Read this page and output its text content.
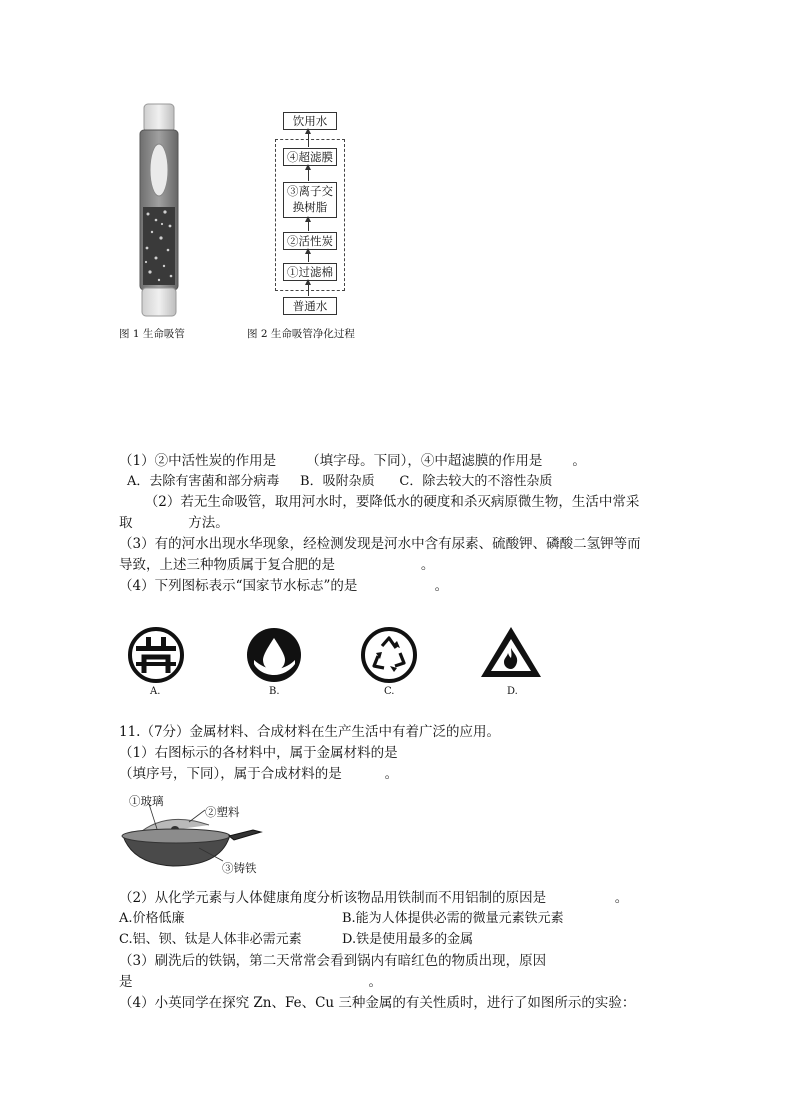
图 1 生命吸管
饮用水
④超滤膜
③离子交
换树脂
②活性炭
①过滤棉
普通水
图 2 生命吸管净化过程
（1）②中活性炭的作用是       （填字母。下同），④中超滤膜的作用是       。
A．去除有害菌和部分病毒     B．吸附杂质      C．除去较大的不溶性杂质
（2）若无生命吸管，取用河水时，要降低水的硬度和杀灭病原微生物，生活中常采
取             方法。
（3）有的河水出现水华现象，经检测发现是河水中含有尿素、硫酸钾、磷酸二氢钾等而
导致，上述三种物质属于复合肥的是                    。
（4）下列图标表示“国家节水标志”的是                  。
A.	B.	C.	D.
11.（7分）金属材料、合成材料在生产生活中有着广泛的应用。
（1）右图标示的各材料中，属于金属材料的是
（填序号，下同），属于合成材料的是          。
①玻璃
②塑料
③铸铁
（2）从化学元素与人体健康角度分析该物品用铁制而不用铝制的原因是                。
A.价格低廉	B.能为人体提供必需的微量元素铁元素
C.铝、钡、钛是人体非必需元素	D.铁是使用最多的金属
（3）刷洗后的铁锅，第二天常常会看到锅内有暗红色的物质出现，原因
是                                                       。
（4）小英同学在探究 Zn、Fe、Cu 三种金属的有关性质时，进行了如图所示的实验：
